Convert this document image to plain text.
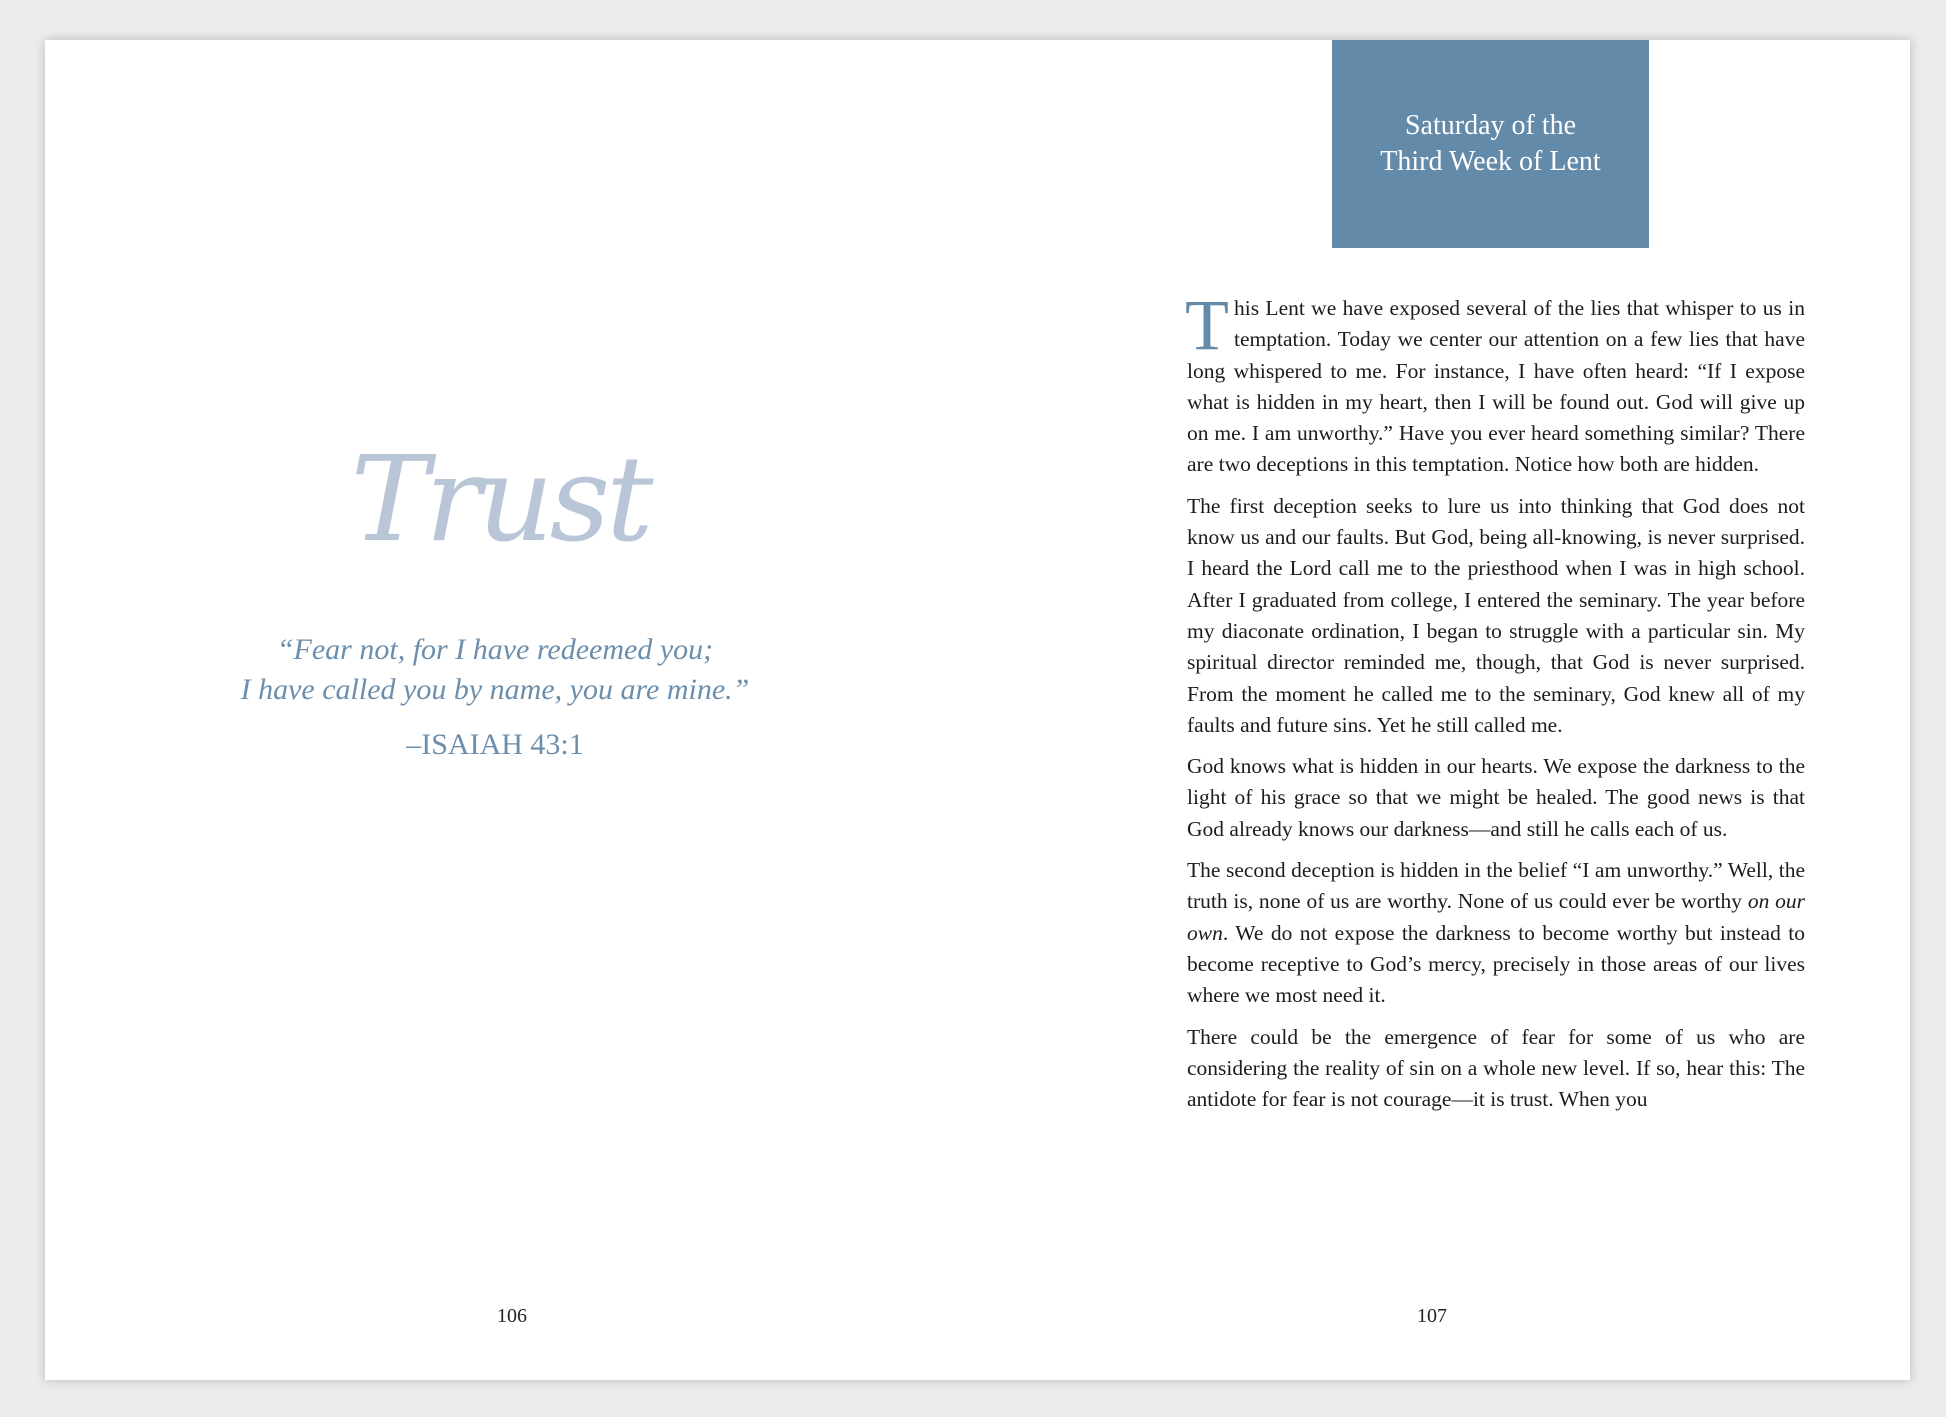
Trust
“Fear not, for I have redeemed you;
I have called you by name, you are mine.”
–ISAIAH 43:1
106
Saturday of the
Third Week of Lent

This Lent we have exposed several of the lies that whisper to us in temptation. Today we center our attention on a few lies that have long whispered to me. For instance, I have often heard: “If I expose what is hidden in my heart, then I will be found out. God will give up on me. I am unworthy.” Have you ever heard something similar? There are two deceptions in this temptation. Notice how both are hidden.

The first deception seeks to lure us into thinking that God does not know us and our faults. But God, being all-knowing, is never surprised. I heard the Lord call me to the priesthood when I was in high school. After I graduated from college, I entered the seminary. The year before my diaconate ordination, I began to struggle with a particular sin. My spiritual director reminded me, though, that God is never surprised. From the moment he called me to the seminary, God knew all of my faults and future sins. Yet he still called me.

God knows what is hidden in our hearts. We expose the darkness to the light of his grace so that we might be healed. The good news is that God already knows our darkness—and still he calls each of us.

The second deception is hidden in the belief “I am unworthy.” Well, the truth is, none of us are worthy. None of us could ever be worthy on our own. We do not expose the darkness to become worthy but instead to become receptive to God’s mercy, precisely in those areas of our lives where we most need it.

There could be the emergence of fear for some of us who are considering the reality of sin on a whole new level. If so, hear this: The antidote for fear is not courage—it is trust. When you

107
